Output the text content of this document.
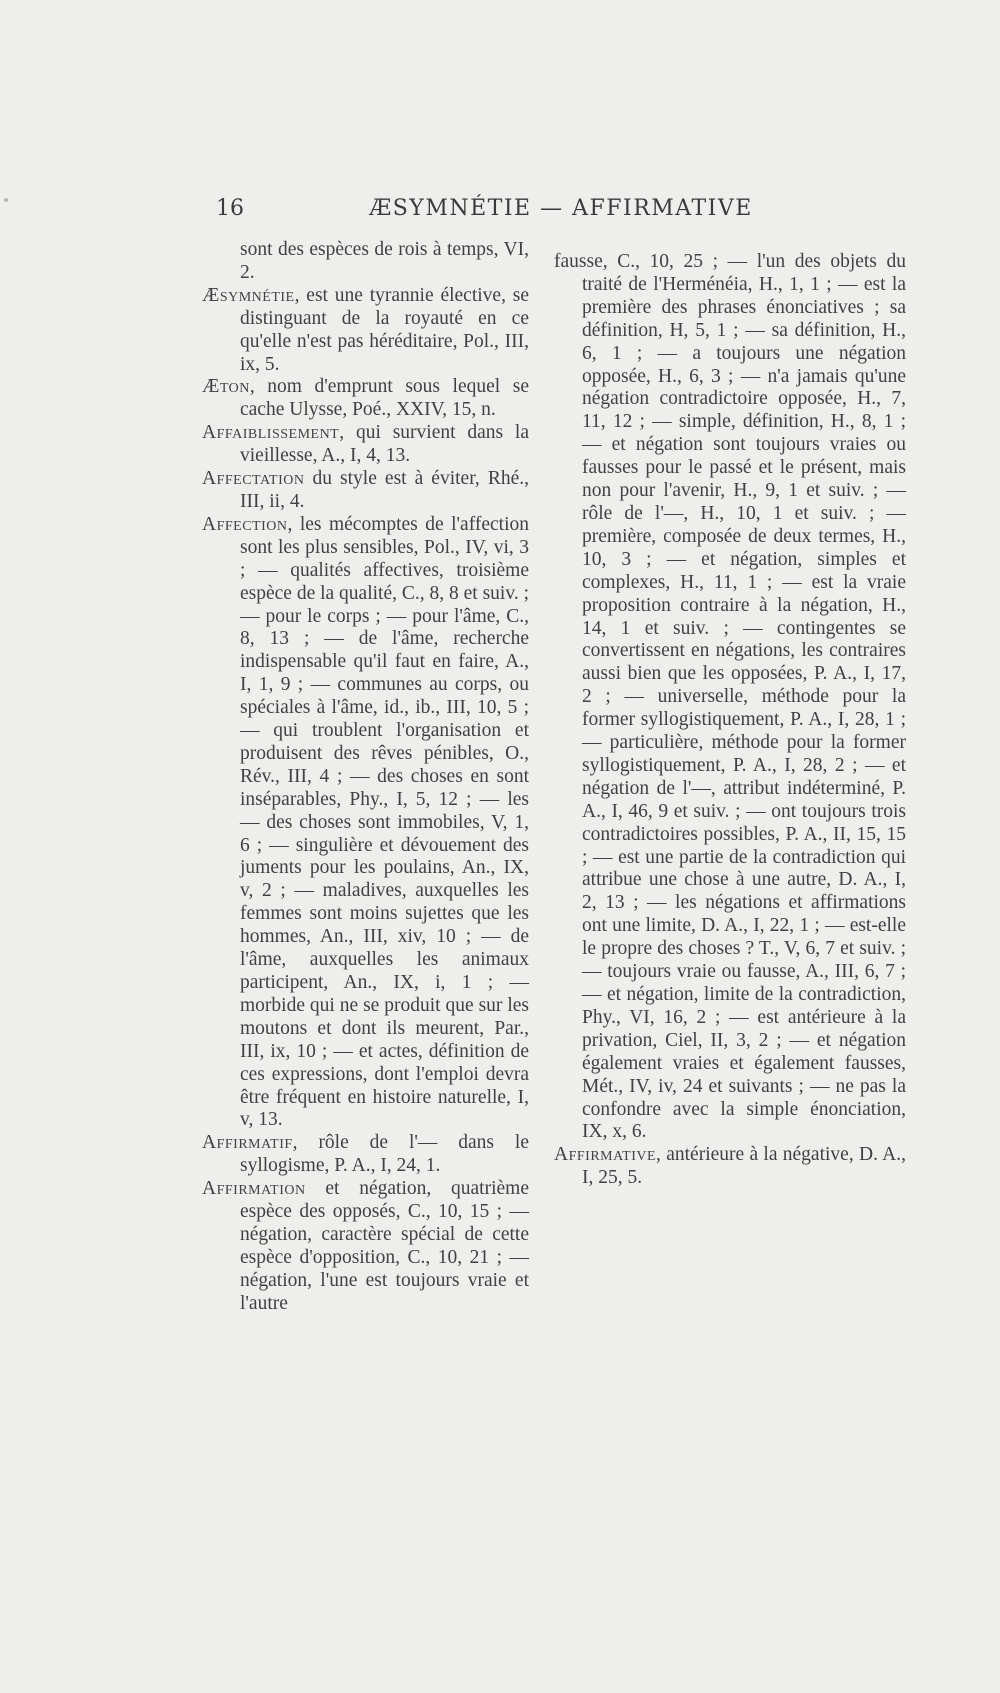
16	ÆSYMNÉTIE — AFFIRMATIVE

sont des espèces de rois à temps, VI, 2.

Æsymnétie, est une tyrannie élective, se distinguant de la royauté en ce qu'elle n'est pas héréditaire, Pol., III, ix, 5.

Æton, nom d'emprunt sous lequel se cache Ulysse, Poé., XXIV, 15, n.

Affaiblissement, qui survient dans la vieillesse, A., I, 4, 13.

Affectation du style est à éviter, Rhé., III, ii, 4.

Affection, les mécomptes de l'affection sont les plus sensibles, Pol., IV, vi, 3 ; — qualités affectives, troisième espèce de la qualité, C., 8, 8 et suiv. ; — pour le corps ; — pour l'âme, C., 8, 13 ; — de l'âme, recherche indispensable qu'il faut en faire, A., I, 1, 9 ; — communes au corps, ou spéciales à l'âme, id., ib., III, 10, 5 ; — qui troublent l'organisation et produisent des rêves pénibles, O., Rév., III, 4 ; — des choses en sont inséparables, Phy., I, 5, 12 ; — les — des choses sont immobiles, V, 1, 6 ; — singulière et dévouement des juments pour les poulains, An., IX, v, 2 ; — maladives, auxquelles les femmes sont moins sujettes que les hommes, An., III, xiv, 10 ; — de l'âme, auxquelles les animaux participent, An., IX, i, 1 ; — morbide qui ne se produit que sur les moutons et dont ils meurent, Par., III, ix, 10 ; — et actes, définition de ces expressions, dont l'emploi devra être fréquent en histoire naturelle, I, v, 13.

Affirmatif, rôle de l'— dans le syllogisme, P. A., I, 24, 1.

Affirmation et négation, quatrième espèce des opposés, C., 10, 15 ; — négation, caractère spécial de cette espèce d'opposition, C., 10, 21 ; — négation, l'une est toujours vraie et l'autre

fausse, C., 10, 25 ; — l'un des objets du traité de l'Herménéia, H., 1, 1 ; — est la première des phrases énonciatives ; sa définition, H, 5, 1 ; — sa définition, H., 6, 1 ; — a toujours une négation opposée, H., 6, 3 ; — n'a jamais qu'une négation contradictoire opposée, H., 7, 11, 12 ; — simple, définition, H., 8, 1 ; — et négation sont toujours vraies ou fausses pour le passé et le présent, mais non pour l'avenir, H., 9, 1 et suiv. ; — rôle de l'—, H., 10, 1 et suiv. ; — première, composée de deux termes, H., 10, 3 ; — et négation, simples et complexes, H., 11, 1 ; — est la vraie proposition contraire à la négation, H., 14, 1 et suiv. ; — contingentes se convertissent en négations, les contraires aussi bien que les opposées, P. A., I, 17, 2 ; — universelle, méthode pour la former syllogistiquement, P. A., I, 28, 1 ; — particulière, méthode pour la former syllogistiquement, P. A., I, 28, 2 ; — et négation de l'—, attribut indéterminé, P. A., I, 46, 9 et suiv. ; — ont toujours trois contradictoires possibles, P. A., II, 15, 15 ; — est une partie de la contradiction qui attribue une chose à une autre, D. A., I, 2, 13 ; — les négations et affirmations ont une limite, D. A., I, 22, 1 ; — est-elle le propre des choses ? T., V, 6, 7 et suiv. ; — toujours vraie ou fausse, A., III, 6, 7 ; — et négation, limite de la contradiction, Phy., VI, 16, 2 ; — est antérieure à la privation, Ciel, II, 3, 2 ; — et négation également vraies et également fausses, Mét., IV, iv, 24 et suivants ; — ne pas la confondre avec la simple énonciation, IX, x, 6.

Affirmative, antérieure à la négative, D. A., I, 25, 5.
